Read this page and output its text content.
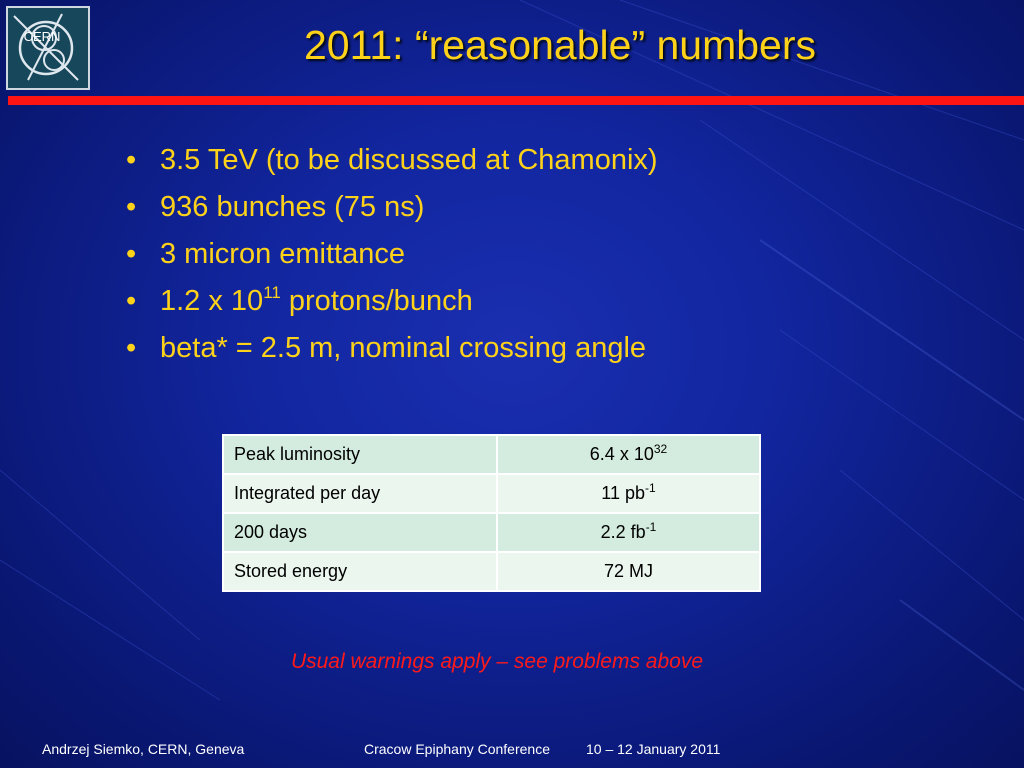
CERN	2011: “reasonable” numbers
• 3.5 TeV (to be discussed at Chamonix)
• 936 bunches (75 ns)
• 3 micron emittance
• 1.2 x $10^{11}$ protons/bunch
• beta* = 2.5 m, nominal crossing angle
Peak luminosity	6.4 x $10^{32}$
Integrated per day	11 $pb^{-1}$
200 days	2.2 $fb^{-1}$
Stored energy	72 MJ
Usual warnings apply – see problems above
Andrzej Siemko, CERN, Geneva	Cracow Epiphany Conference	10 – 12 January 2011
